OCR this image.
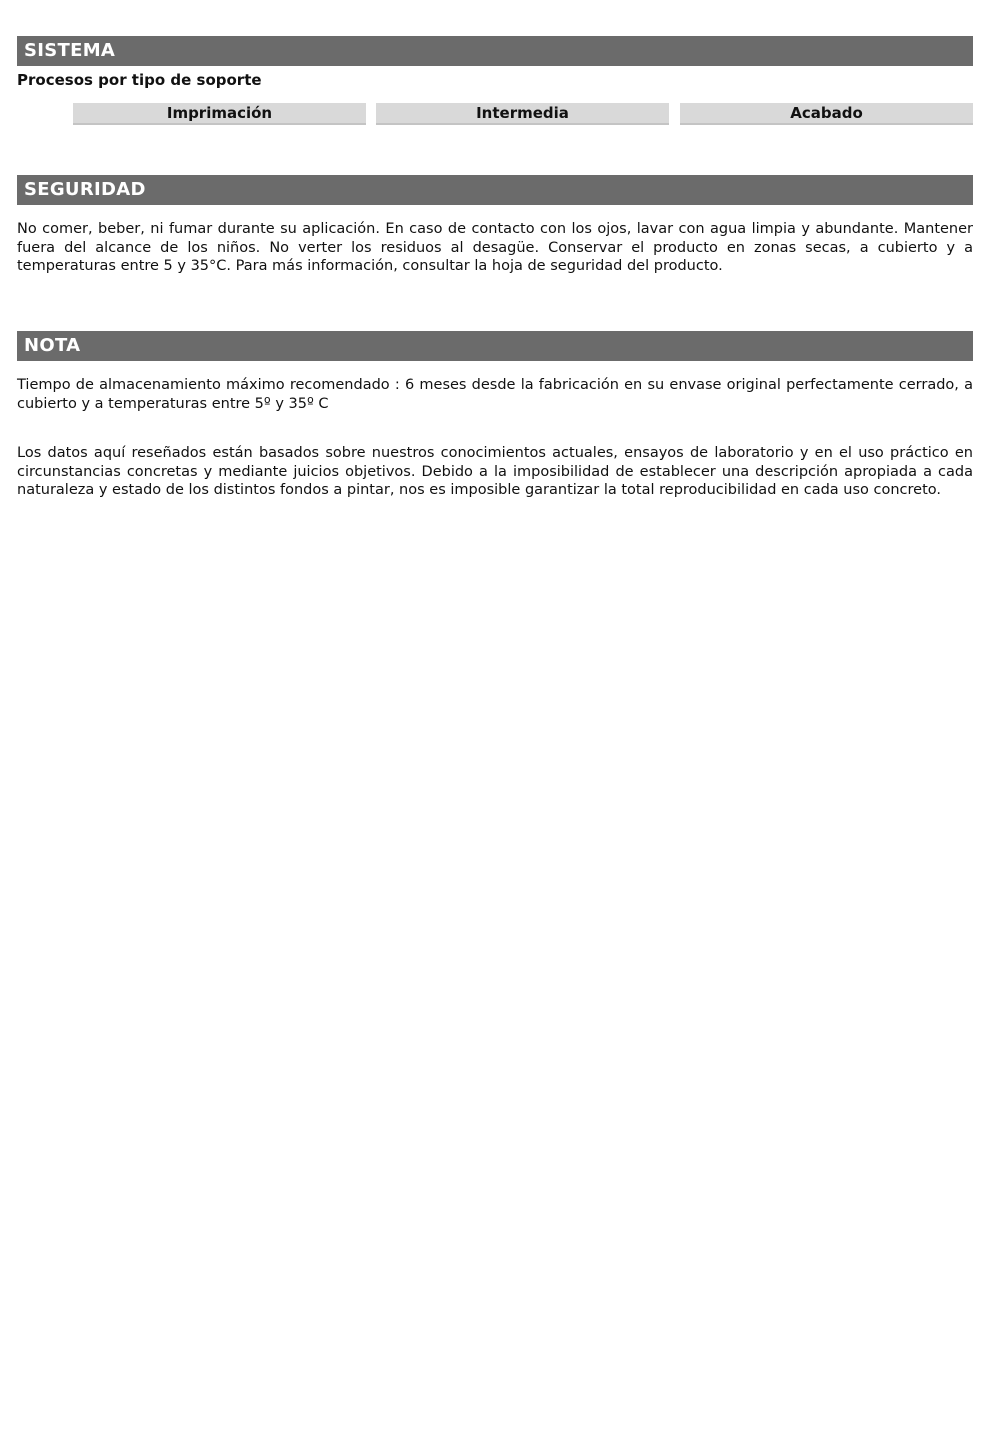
SISTEMA
Procesos por tipo de soporte
Imprimación	Intermedia	Acabado
SEGURIDAD

No comer, beber, ni fumar durante su aplicación. En caso de contacto con los ojos, lavar con agua limpia y abundante. Mantener fuera del alcance de los niños. No verter los residuos al desagüe. Conservar el producto en zonas secas, a cubierto y a temperaturas entre 5 y 35°C. Para más información, consultar la hoja de seguridad del producto.

NOTA

Tiempo de almacenamiento máximo recomendado : 6 meses desde la fabricación en su envase original perfectamente cerrado, a cubierto y a temperaturas entre 5º y 35º C

Los datos aquí reseñados están basados sobre nuestros conocimientos actuales, ensayos de laboratorio y en el uso práctico en circunstancias concretas y mediante juicios objetivos. Debido a la imposibilidad de establecer una descripción apropiada a cada naturaleza y estado de los distintos fondos a pintar, nos es imposible garantizar la total reproducibilidad en cada uso concreto.
